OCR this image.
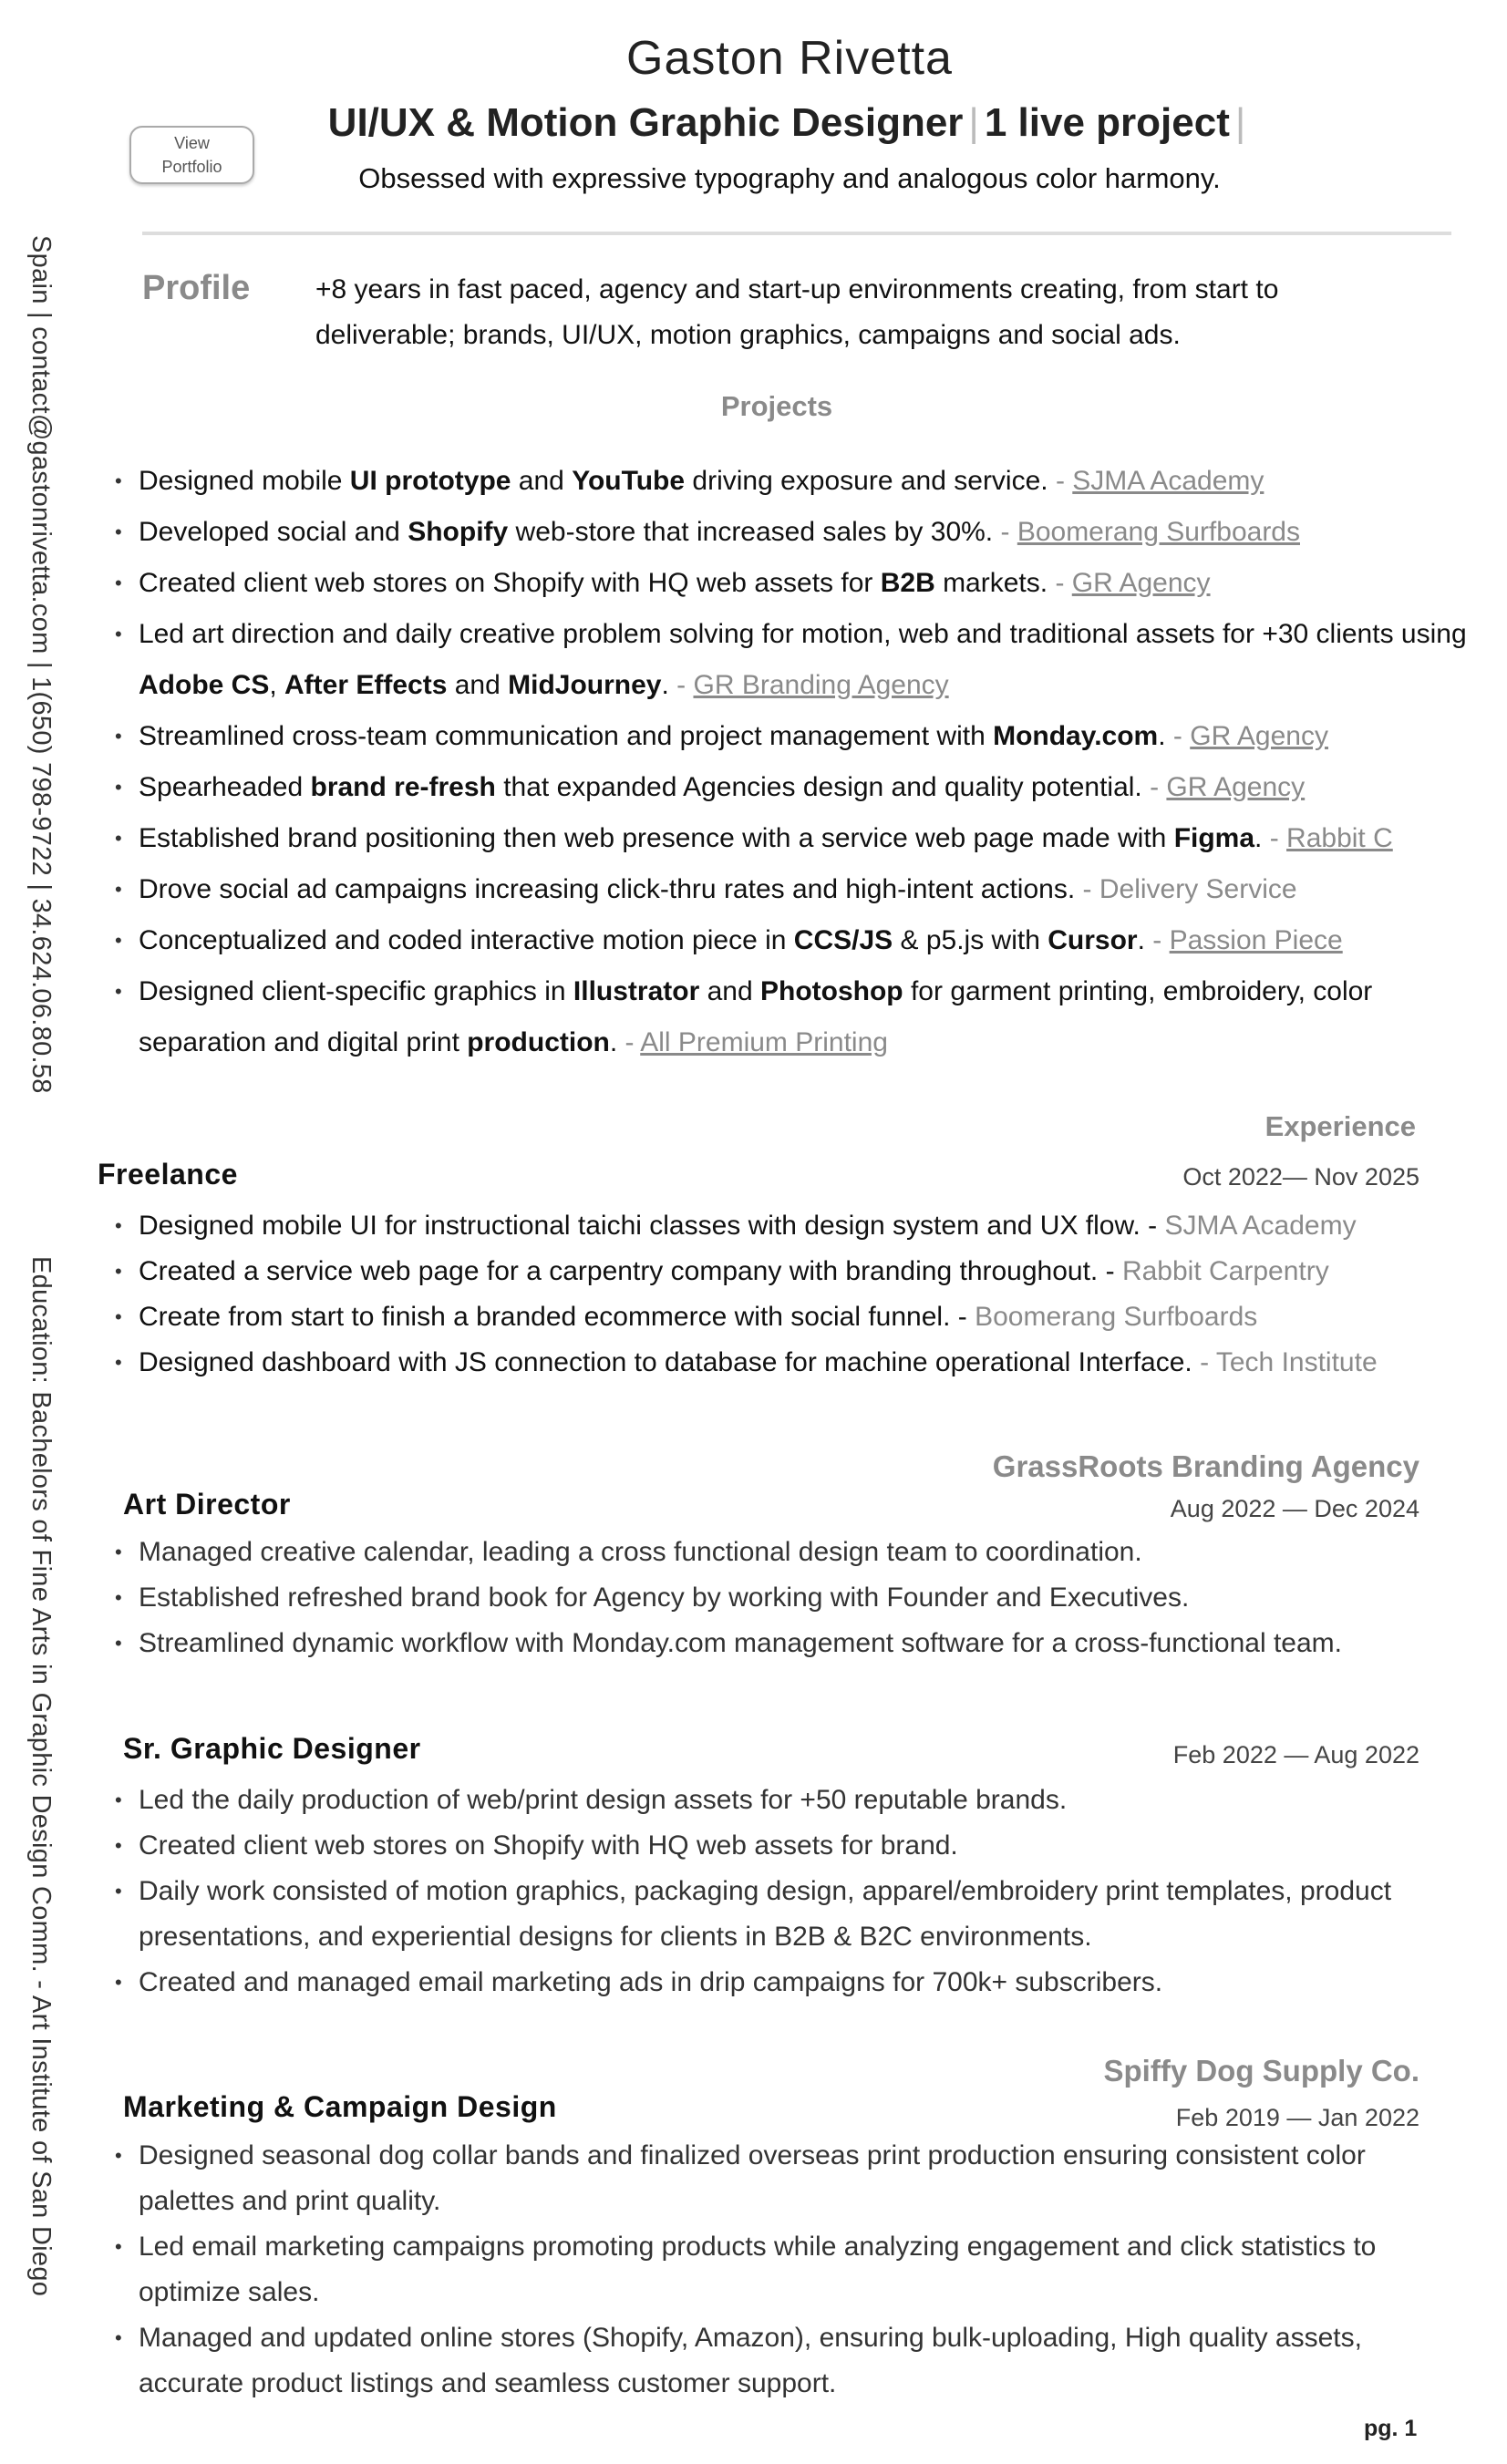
Gaston Rivetta
UI/UX & Motion Graphic Designer | 1 live project |
Obsessed with expressive typography and analogous color harmony.
View
Portfolio
Spain | contact@gastonrivetta.com | 1(650) 798-9722 | 34.624.06.80.58
Education: Bachelors of Fine Arts in Graphic Design Comm. - Art Institute of San Diego
Profile +8 years in fast paced, agency and start-up environments creating, from start to deliverable; brands, UI/UX, motion graphics, campaigns and social ads.
Projects
• Designed mobile UI prototype and YouTube driving exposure and service. - SJMA Academy
• Developed social and Shopify web-store that increased sales by 30%. - Boomerang Surfboards
• Created client web stores on Shopify with HQ web assets for B2B markets. - GR Agency
• Led art direction and daily creative problem solving for motion, web and traditional assets for +30 clients using Adobe CS, After Effects and MidJourney. - GR Branding Agency
• Streamlined cross-team communication and project management with Monday.com. - GR Agency
• Spearheaded brand re-fresh that expanded Agencies design and quality potential. - GR Agency
• Established brand positioning then web presence with a service web page made with Figma. - Rabbit C
• Drove social ad campaigns increasing click-thru rates and high-intent actions. - Delivery Service
• Conceptualized and coded interactive motion piece in CCS/JS & p5.js with Cursor. - Passion Piece
• Designed client-specific graphics in Illustrator and Photoshop for garment printing, embroidery, color separation and digital print production. - All Premium Printing
Experience
Freelance	Oct 2022— Nov 2025
• Designed mobile UI for instructional taichi classes with design system and UX flow. - SJMA Academy
• Created a service web page for a carpentry company with branding throughout. - Rabbit Carpentry
• Create from start to finish a branded ecommerce with social funnel. - Boomerang Surfboards
• Designed dashboard with JS connection to database for machine operational Interface. - Tech Institute
GrassRoots Branding Agency
Art Director	Aug 2022 — Dec 2024
• Managed creative calendar, leading a cross functional design team to coordination.
• Established refreshed brand book for Agency by working with Founder and Executives.
• Streamlined dynamic workflow with Monday.com management software for a cross-functional team.
Sr. Graphic Designer	Feb 2022 — Aug 2022
• Led the daily production of web/print design assets for +50 reputable brands.
• Created client web stores on Shopify with HQ web assets for brand.
• Daily work consisted of motion graphics, packaging design, apparel/embroidery print templates, product presentations, and experiential designs for clients in B2B & B2C environments.
• Created and managed email marketing ads in drip campaigns for 700k+ subscribers.
Spiffy Dog Supply Co.
Marketing & Campaign Design	Feb 2019 — Jan 2022
• Designed seasonal dog collar bands and finalized overseas print production ensuring consistent color palettes and print quality.
• Led email marketing campaigns promoting products while analyzing engagement and click statistics to optimize sales.
• Managed and updated online stores (Shopify, Amazon), ensuring bulk-uploading, High quality assets, accurate product listings and seamless customer support.
pg. 1
